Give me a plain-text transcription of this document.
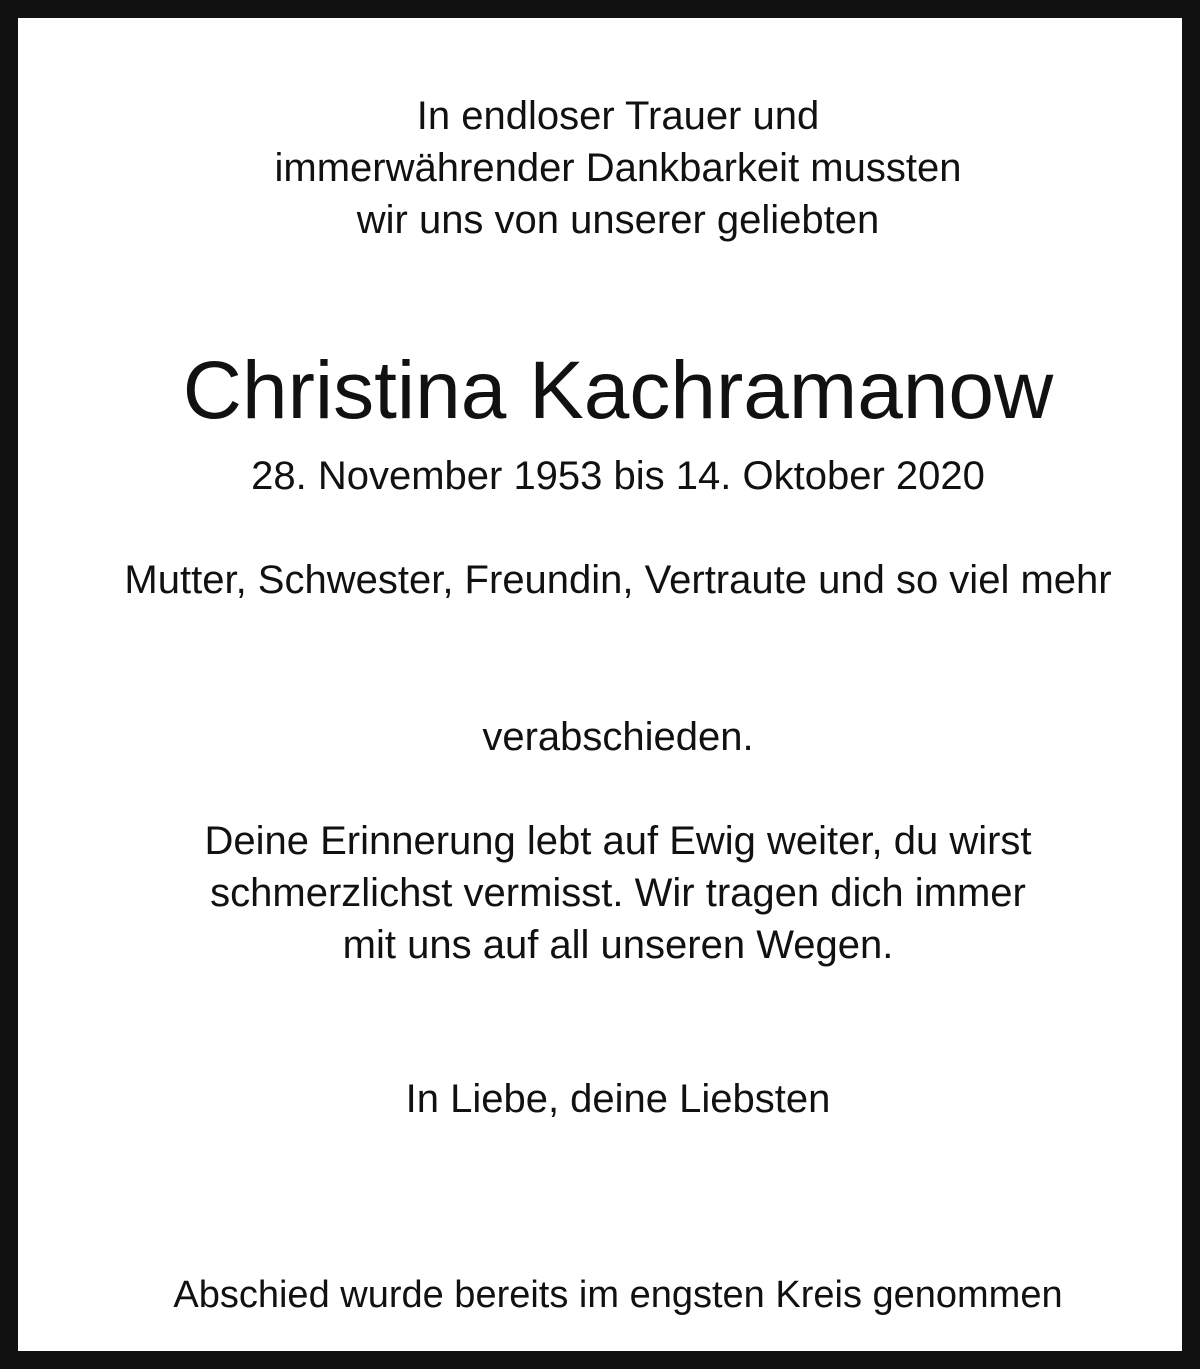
In endloser Trauer und
immerwährender Dankbarkeit mussten
wir uns von unserer geliebten
Christina Kachramanow
28. November 1953 bis 14. Oktober 2020
Mutter, Schwester, Freundin, Vertraute und so viel mehr
verabschieden.
Deine Erinnerung lebt auf Ewig weiter, du wirst
schmerzlichst vermisst. Wir tragen dich immer
mit uns auf all unseren Wegen.
In Liebe, deine Liebsten
Abschied wurde bereits im engsten Kreis genommen
